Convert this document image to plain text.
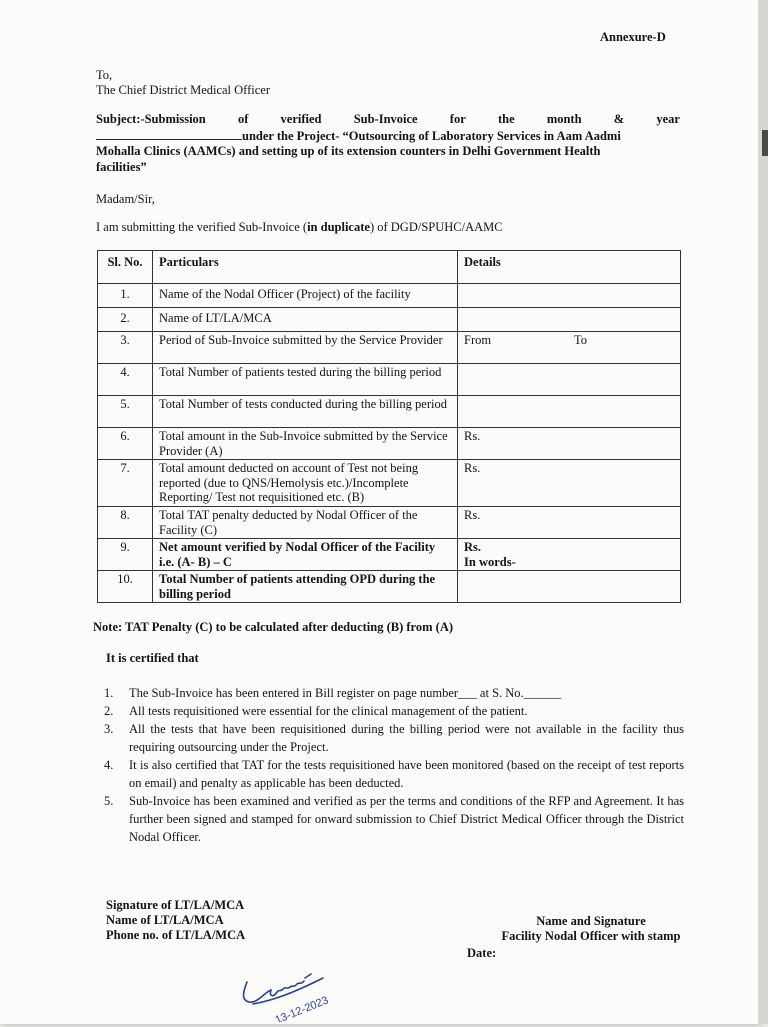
Annexure-D
To,
The Chief District Medical Officer
Subject:-Submission	of	verified	Sub-Invoice	for	the	month	&	year
under the Project- “Outsourcing of Laboratory Services in Aam Aadmi
Mohalla Clinics (AAMCs) and setting up of its extension counters in Delhi Government Health
facilities”
Madam/Sir,
I am submitting the verified Sub-Invoice (in duplicate) of DGD/SPUHC/AAMC
Sl. No.	Particulars	Details
1.	Name of the Nodal Officer (Project) of the facility	
2.	Name of LT/LA/MCA	
3.	Period of Sub-Invoice submitted by the Service Provider	From To

4.	Total Number of patients tested during the billing period	
5.	Total Number of tests conducted during the billing period	
6.	Total amount in the Sub-Invoice submitted by the Service Provider (A)	Rs.
7.	Total amount deducted on account of Test not being reported (due to QNS/Hemolysis etc.)/Incomplete Reporting/ Test not requisitioned etc. (B)	Rs.
8.	Total TAT penalty deducted by Nodal Officer of the Facility (C)	Rs.
9.	Net amount verified by Nodal Officer of the Facility i.e. (A- B) – C	Rs.
In words-

10.	Total Number of patients attending OPD during the billing period	
Note: TAT Penalty (C) to be calculated after deducting (B) from (A)
It is certified that
1. The Sub-Invoice has been entered in Bill register on page number___ at S. No.______
2. All tests requisitioned were essential for the clinical management of the patient.
3. All the tests that have been requisitioned during the billing period were not available in the facility thus requiring outsourcing under the Project.
4. It is also certified that TAT for the tests requisitioned have been monitored (based on the receipt of test reports on email) and penalty as applicable has been deducted.
5. Sub-Invoice has been examined and verified as per the terms and conditions of the RFP and Agreement. It has further been signed and stamped for onward submission to Chief District Medical Officer through the District Nodal Officer.
Signature of LT/LA/MCA
Name of LT/LA/MCA
Phone no. of LT/LA/MCA
Name and Signature
Facility Nodal Officer with stamp
Date:
13-12-2023
